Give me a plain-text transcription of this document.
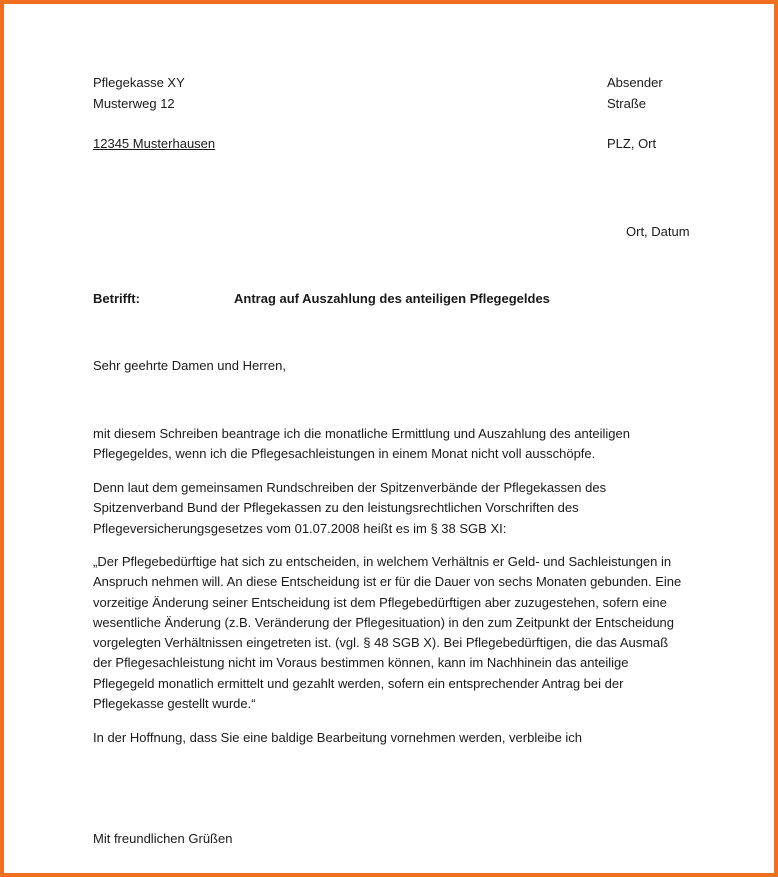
Pflegekasse XY
Musterweg 12
12345 Musterhausen
Absender
Straße
PLZ, Ort
Ort, Datum
Betrifft:	Antrag auf Auszahlung des anteiligen Pflegegeldes
Sehr geehrte Damen und Herren,
mit diesem Schreiben beantrage ich die monatliche Ermittlung und Auszahlung des anteiligen
Pflegegeldes, wenn ich die Pflegesachleistungen in einem Monat nicht voll ausschöpfe.
Denn laut dem gemeinsamen Rundschreiben der Spitzenverbände der Pflegekassen des
Spitzenverband Bund der Pflegekassen zu den leistungsrechtlichen Vorschriften des
Pflegeversicherungsgesetzes vom 01.07.2008 heißt es im § 38 SGB XI:
„Der Pflegebedürftige hat sich zu entscheiden, in welchem Verhältnis er Geld- und Sachleistungen in
Anspruch nehmen will. An diese Entscheidung ist er für die Dauer von sechs Monaten gebunden. Eine
vorzeitige Änderung seiner Entscheidung ist dem Pflegebedürftigen aber zuzugestehen, sofern eine
wesentliche Änderung (z.B. Veränderung der Pflegesituation) in den zum Zeitpunkt der Entscheidung
vorgelegten Verhältnissen eingetreten ist. (vgl. § 48 SGB X). Bei Pflegebedürftigen, die das Ausmaß
der Pflegesachleistung nicht im Voraus bestimmen können, kann im Nachhinein das anteilige
Pflegegeld monatlich ermittelt und gezahlt werden, sofern ein entsprechender Antrag bei der
Pflegekasse gestellt wurde.“
In der Hoffnung, dass Sie eine baldige Bearbeitung vornehmen werden, verbleibe ich
Mit freundlichen Grüßen
